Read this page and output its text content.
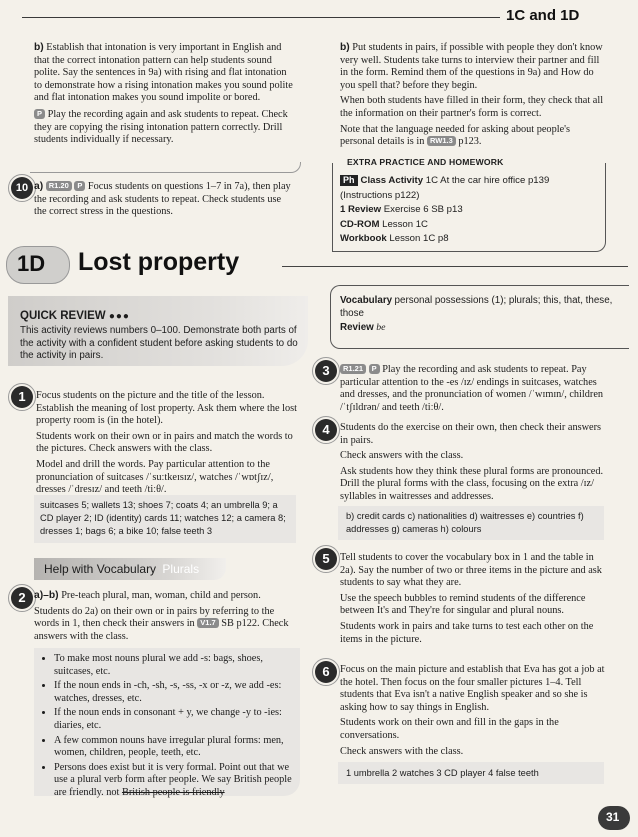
1C and 1D

b) Establish that intonation is very important in English and that the correct intonation pattern can help students sound polite. Say the sentences in 9a) with rising and flat intonation to demonstrate how a rising intonation makes you sound polite and flat intonation makes you sound impolite or bored.

P Play the recording again and ask students to repeat. Check they are copying the rising intonation pattern correctly. Drill students individually if necessary.

10 a) R1.20 P Focus students on questions 1–7 in 7a), then play the recording and ask students to repeat. Check students use the correct stress in the questions.

b) Put students in pairs, if possible with people they don't know very well. Students take turns to interview their partner and fill in the form. Remind them of the questions in 9a) and How do you spell that? before they begin.

When both students have filled in their form, they check that all the information on their partner's form is correct.

Note that the language needed for asking about people's personal details is in RW1.3 p123.

EXTRA PRACTICE AND HOMEWORK
Ph Class Activity 1C At the car hire office p139
(Instructions p122)
1 Review Exercise 6 SB p13
CD-ROM Lesson 1C
Workbook Lesson 1C p8
1D Lost property
QUICK REVIEW ●●●
This activity reviews numbers 0–100. Demonstrate both parts of the activity with a confident student before asking students to do the activity in pairs.
Vocabulary personal possessions (1); plurals; this, that, these, those
Review be
1	Focus students on the picture and the title of the lesson. Establish the meaning of lost property. Ask them where the lost property room is (in the hotel).

Students work on their own or in pairs and match the words to the pictures. Check answers with the class.

Model and drill the words. Pay particular attention to the pronunciation of suitcases /ˈsuːtkeɪsɪz/, watches /ˈwɒtʃɪz/, dresses /ˈdresɪz/ and teeth /tiːθ/.

suitcases 5; wallets 13; shoes 7; coats 4; an umbrella 9; a CD player 2; ID (identity) cards 11; watches 12; a camera 8; dresses 1; bags 6; a bike 10; false teeth 3
Help with Vocabulary Plurals
2 a)–b) Pre-teach plural, man, woman, child and person.

Students do 2a) on their own or in pairs by referring to the words in 1, then check their answers in V1.7 SB p122. Check answers with the class.

• To make most nouns plural we add -s: bags, shoes, suitcases, etc.
• If the noun ends in -ch, -sh, -s, -ss, -x or -z, we add -es: watches, dresses, etc.
• If the noun ends in consonant + y, we change -y to -ies: diaries, etc.
• A few common nouns have irregular plural forms: men, women, children, people, teeth, etc.
• Persons does exist but it is very formal. Point out that we use a plural verb form after people. We say British people are friendly. not British people is friendly
3	R1.21 P Play the recording and ask students to repeat. Pay particular attention to the -es /ɪz/ endings in suitcases, watches and dresses, and the pronunciation of women /ˈwɪmɪn/, children /ˈtʃɪldrən/ and teeth /tiːθ/.

4	Students do the exercise on their own, then check their answers in pairs.

Check answers with the class.

Ask students how they think these plural forms are pronounced. Drill the plural forms with the class, focusing on the extra /ɪz/ syllables in waitresses and addresses.

b) credit cards c) nationalities d) waitresses e) countries f) addresses g) cameras h) colours
5	Tell students to cover the vocabulary box in 1 and the table in 2a). Say the number of two or three items in the picture and ask students to say what they are.

Use the speech bubbles to remind students of the difference between It's and They're for singular and plural nouns.

Students work in pairs and take turns to test each other on the items in the picture.

6	Focus on the main picture and establish that Eva has got a job at the hotel. Then focus on the four smaller pictures 1–4. Tell students that Eva isn't a native English speaker and so she is asking how to say things in English.

Students work on their own and fill in the gaps in the conversations.

Check answers with the class.

1 umbrella 2 watches 3 CD player 4 false teeth
31
